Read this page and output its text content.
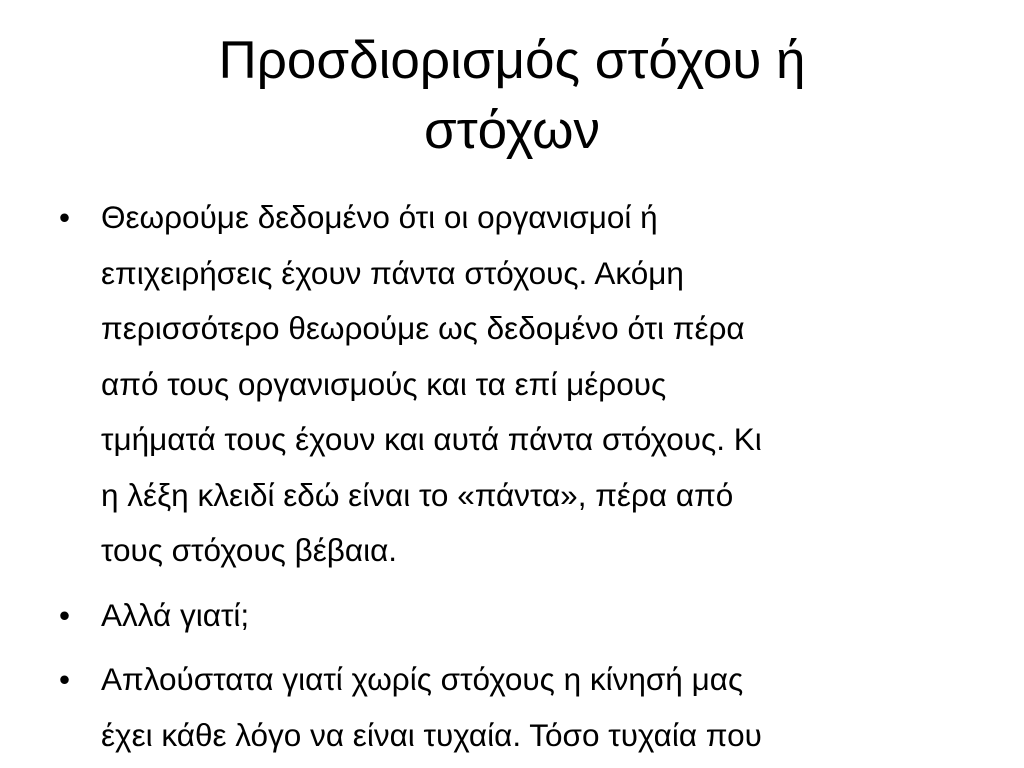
Προσδιορισμός στόχου ή
στόχων
• Θεωρούμε δεδομένο ότι οι οργανισμοί ή
επιχειρήσεις έχουν πάντα στόχους. Ακόμη
περισσότερο θεωρούμε ως δεδομένο ότι πέρα
από τους οργανισμούς και τα επί μέρους
τμήματά τους έχουν και αυτά πάντα στόχους. Κι
η λέξη κλειδί εδώ είναι το «πάντα», πέρα από
τους στόχους βέβαια.
• Αλλά γιατί;
• Απλούστατα γιατί χωρίς στόχους η κίνησή μας
έχει κάθε λόγο να είναι τυχαία. Τόσο τυχαία που
